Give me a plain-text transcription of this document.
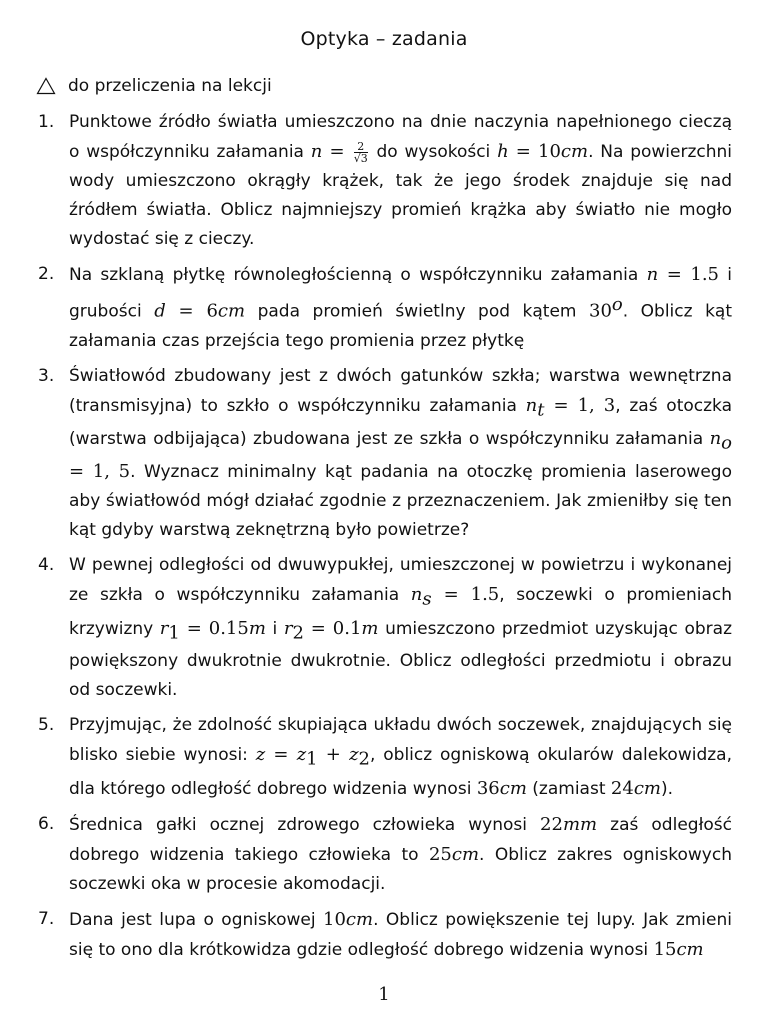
Optyka – zadania
do przeliczenia na lekcji
1. Punktowe źródło światła umieszczono na dnie naczynia napełnionego cieczą o współczynniku załamania $n = \frac{2}{√3}$ do wysokości h = 10cm. Na powierzchni wody umieszczono okrągły krążek, tak że jego środek znajduje się nad źródłem światła. Oblicz najmniejszy promień krążka aby światło nie mogło wydostać się z cieczy.
2. Na szklaną płytkę równoległościenną o współczynniku załamania n = 1.5 i grubości d = 6cm pada promień świetlny pod kątem 30$^o$. Oblicz kąt załamania czas przejścia tego promienia przez płytkę
3. Światłowód zbudowany jest z dwóch gatunków szkła; warstwa wewnętrzna (transmisyjna) to szkło o współczynniku załamania $n_t = 1$, 3, zaś otoczka (warstwa odbijająca) zbudowana jest ze szkła o współczynniku załamania $n_o = 1$, 5. Wyznacz minimalny kąt padania na otoczkę promienia laserowego aby światłowód mógł działać zgodnie z przeznaczeniem. Jak zmieniłby się ten kąt gdyby warstwą zeknętrzną było powietrze?
4. W pewnej odległości od dwuwypukłej, umieszczonej w powietrzu i wykonanej ze szkła o współczynniku załamania $n_s = 1.5$, soczewki o promieniach krzywizny $r_1 = 0.15m$ i $r_2 = 0.1m$ umieszczono przedmiot uzyskując obraz powiększony dwukrotnie dwukrotnie. Oblicz odległości przedmiotu i obrazu od soczewki.
5. Przyjmując, że zdolność skupiająca układu dwóch soczewek, znajdujących się blisko siebie wynosi: $z = z_1 + z_2$, oblicz ogniskową okularów dalekowidza, dla którego odległość dobrego widzenia wynosi 36cm (zamiast 24cm).
6. Średnica gałki ocznej zdrowego człowieka wynosi 22mm zaś odległość dobrego widzenia takiego człowieka to 25cm. Oblicz zakres ogniskowych soczewki oka w procesie akomodacji.
7. Dana jest lupa o ogniskowej 10cm. Oblicz powiększenie tej lupy. Jak zmieni się to ono dla krótkowidza gdzie odległość dobrego widzenia wynosi 15cm
1
